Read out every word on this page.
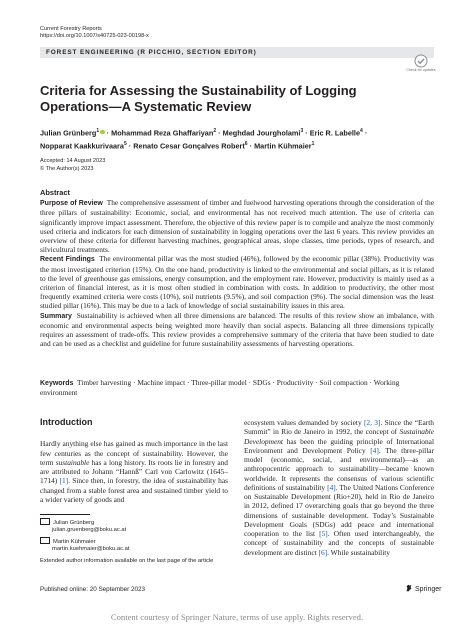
Current Forestry Reports
https://doi.org/10.1007/s40725-023-00198-x
FOREST ENGINEERING (R PICCHIO, SECTION EDITOR)
Check for updates
Criteria for Assessing the Sustainability of Logging
Operations—A Systematic Review
Julian Grünberg$^1$ · Mohammad Reza Ghaffariyan$^2$ · Meghdad Jourgholami$^3$ · Eric R. Labelle$^4$ ·
Nopparat Kaakkurivaara$^5$ · Renato Cesar Gonçalves Robert$^6$ · Martin Kühmaier$^1$
Accepted: 14 August 2023
© The Author(s) 2023
Abstract

Purpose of Review The comprehensive assessment of timber and fuelwood harvesting operations through the consideration of the three pillars of sustainability: Economic, social, and environmental has not received much attention. The use of criteria can significantly improve impact assessment. Therefore, the objective of this review paper is to compile and analyze the most commonly used criteria and indicators for each dimension of sustainability in logging operations over the last 6 years. This review provides an overview of these criteria for different harvesting machines, geographical areas, slope classes, time periods, types of research, and silvicultural treatments.

Recent Findings The environmental pillar was the most studied (46%), followed by the economic pillar (38%). Productivity was the most investigated criterion (15%). On the one hand, productivity is linked to the environmental and social pillars, as it is related to the level of greenhouse gas emissions, energy consumption, and the employment rate. However, productivity is mainly used as a criterion of financial interest, as it is most often studied in combination with costs. In addition to productivity, the other most frequently examined criteria were costs (10%), soil nutrients (9.5%), and soil compaction (9%). The social dimension was the least studied pillar (16%). This may be due to a lack of knowledge of social sustainability issues in this area.

Summary Sustainability is achieved when all three dimensions are balanced. The results of this review show an imbalance, with economic and environmental aspects being weighted more heavily than social aspects. Balancing all three dimensions typically requires an assessment of trade-offs. This review provides a comprehensive summary of the criteria that have been studied to date and can be used as a checklist and guideline for future sustainability assessments of harvesting operations.

Keywords Timber harvesting · Machine impact · Three-pillar model · SDGs · Productivity · Soil compaction · Working environment
Introduction

Hardly anything else has gained as much importance in the last few centuries as the concept of sustainability. However, the term sustainable has a long history. Its roots lie in forestry and are attributed to Johann “Hannß” Carl von Carlowitz (1645–1714) [1]. Since then, in forestry, the idea of sustainability has changed from a stable forest area and sustained timber yield to a wider variety of goods and

ecosystem values demanded by society [2, 3]. Since the “Earth Summit” in Rio de Janeiro in 1992, the concept of Sustainable Development has been the guiding principle of International Environment and Development Policy [4]. The three-pillar model (economic, social, and environmental)—as an anthropocentric approach to sustainability—became known worldwide. It represents the consensus of various scientific definitions of sustainability [4]. The United Nations Conference on Sustainable Development (Rio+20), held in Rio de Janeiro in 2012, defined 17 overarching goals that go beyond the three dimensions of sustainable development. Today’s Sustainable Development Goals (SDGs) add peace and international cooperation to the list [5]. Often used interchangeably, the concept of sustainability and the concepts of sustainable development are distinct [6]. While sustainability

Julian Grünberg
julian.gruenberg@boku.ac.at
Martin Kühmaier
martin.kuehmaier@boku.ac.at
Extended author information available on the last page of the article
Published online: 20 September 2023	Springer
Content courtesy of Springer Nature, terms of use apply. Rights reserved.
